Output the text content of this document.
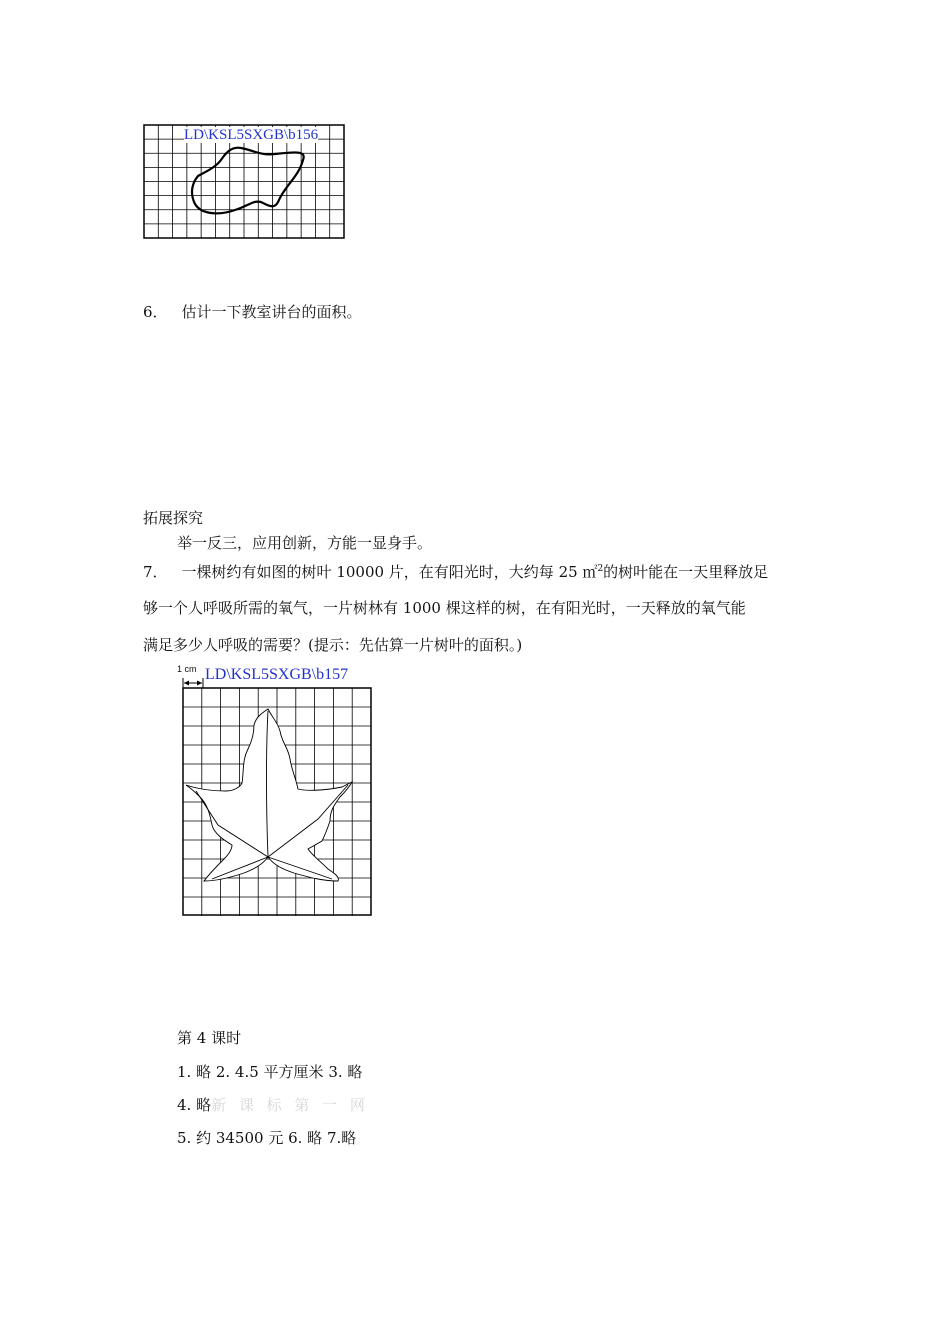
LD\KSL5SXGB\b156
6． 估计一下教室讲台的面积。
拓展探究
举一反三，应用创新，方能一显身手。
7． 一棵树约有如图的树叶 10000 片，在有阳光时，大约每 25 ㎡$^2$的树叶能在一天里释放足
够一个人呼吸所需的氧气，一片树林有 1000 棵这样的树，在有阳光时，一天释放的氧气能
满足多少人呼吸的需要？(提示：先估算一片树叶的面积。)
1 cm LD\KSL5SXGB\b157
第 4 课时
1. 略 2. 4.5 平方厘米 3. 略
4. 略新 课 标 第 一 网
5. 约 34500 元 6. 略 7.略
